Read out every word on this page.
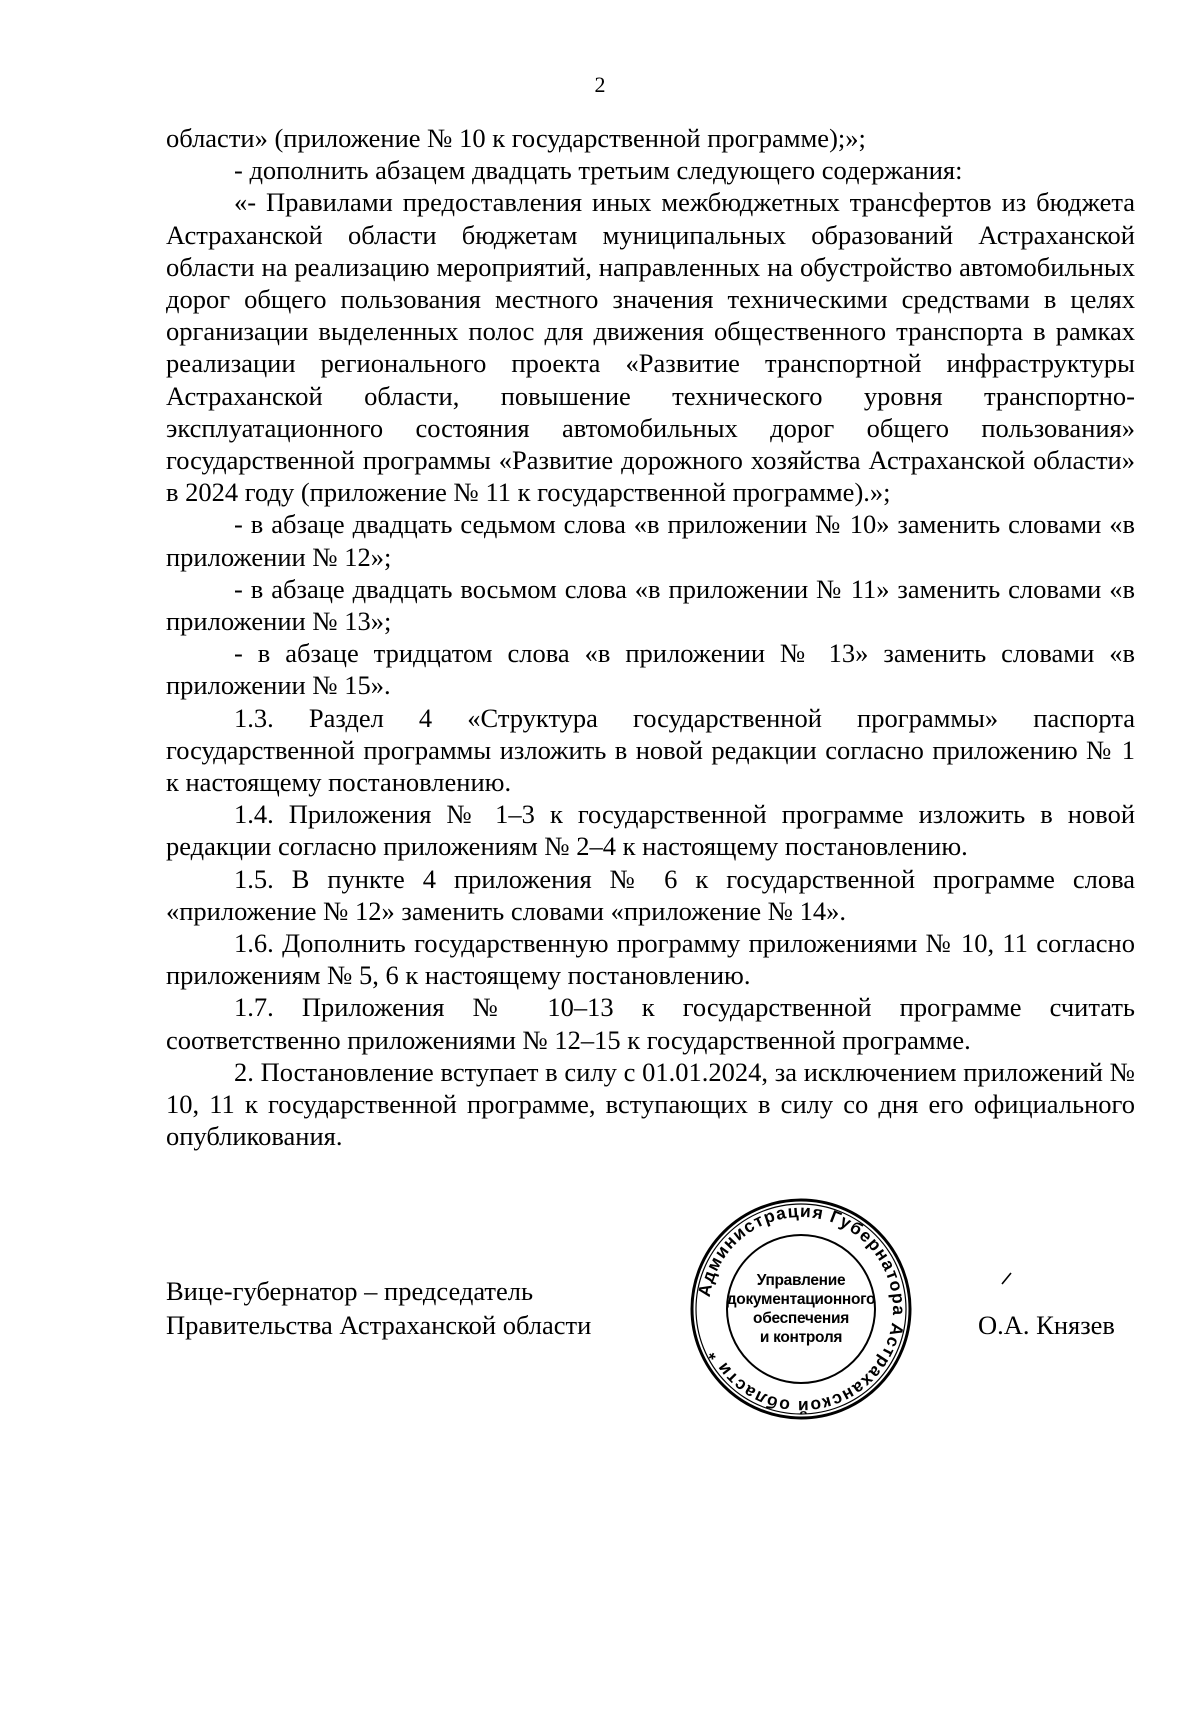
2

области» (приложение № 10 к государственной программе);»;

- дополнить абзацем двадцать третьим следующего содержания:

«- Правилами предоставления иных межбюджетных трансфертов из бюджета Астраханской области бюджетам муниципальных образований Астраханской области на реализацию мероприятий, направленных на обустройство автомобильных дорог общего пользования местного значения техническими средствами в целях организации выделенных полос для движения общественного транспорта в рамках реализации регионального проекта «Развитие транспортной инфраструктуры Астраханской области, повышение технического уровня транспортно-эксплуатационного состояния автомобильных дорог общего пользования» государственной программы «Развитие дорожного хозяйства Астраханской области» в 2024 году (приложение № 11 к государственной программе).»;

- в абзаце двадцать седьмом слова «в приложении № 10» заменить словами «в приложении № 12»;

- в абзаце двадцать восьмом слова «в приложении № 11» заменить словами «в приложении № 13»;

- в абзаце тридцатом слова «в приложении № 13» заменить словами «в приложении № 15».

1.3. Раздел 4 «Структура государственной программы» паспорта государственной программы изложить в новой редакции согласно приложению № 1 к настоящему постановлению.

1.4. Приложения № 1–3 к государственной программе изложить в новой редакции согласно приложениям № 2–4 к настоящему постановлению.

1.5. В пункте 4 приложения № 6 к государственной программе слова «приложение № 12» заменить словами «приложение № 14».

1.6. Дополнить государственную программу приложениями № 10, 11 согласно приложениям № 5, 6 к настоящему постановлению.

1.7. Приложения № 10–13 к государственной программе считать соответственно приложениями № 12–15 к государственной программе.

2. Постановление вступает в силу с 01.01.2024, за исключением приложений № 10, 11 к государственной программе, вступающих в силу со дня его официального опубликования.

Вице-губернатор – председатель
Правительства Астраханской области
Администрация Губернатора Астраханской области *
Управление
документационного
обеспечения
и контроля	О.А. Князев
